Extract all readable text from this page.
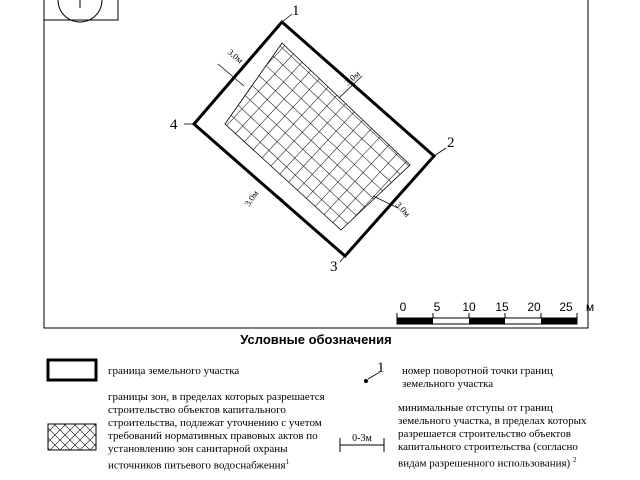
3.0м
3.0м
3.0м
3.0м
1
2
3
4
0 5 10 15 20 25 м
1
0-3м
Условные обозначения
граница земельного участка
границы зон, в пределах которых разрешается строительство объектов капитального строительства, подлежат уточнению с учетом требований нормативных правовых актов по установлению зон санитарной охраны источников питьевого водоснабжения$^1$
номер поворотной точки границ земельного участка
минимальные отступы от границ земельного участка, в пределах которых разрешается строительство объектов капитального строительства (согласно видам разрешенного использования) $^2$
